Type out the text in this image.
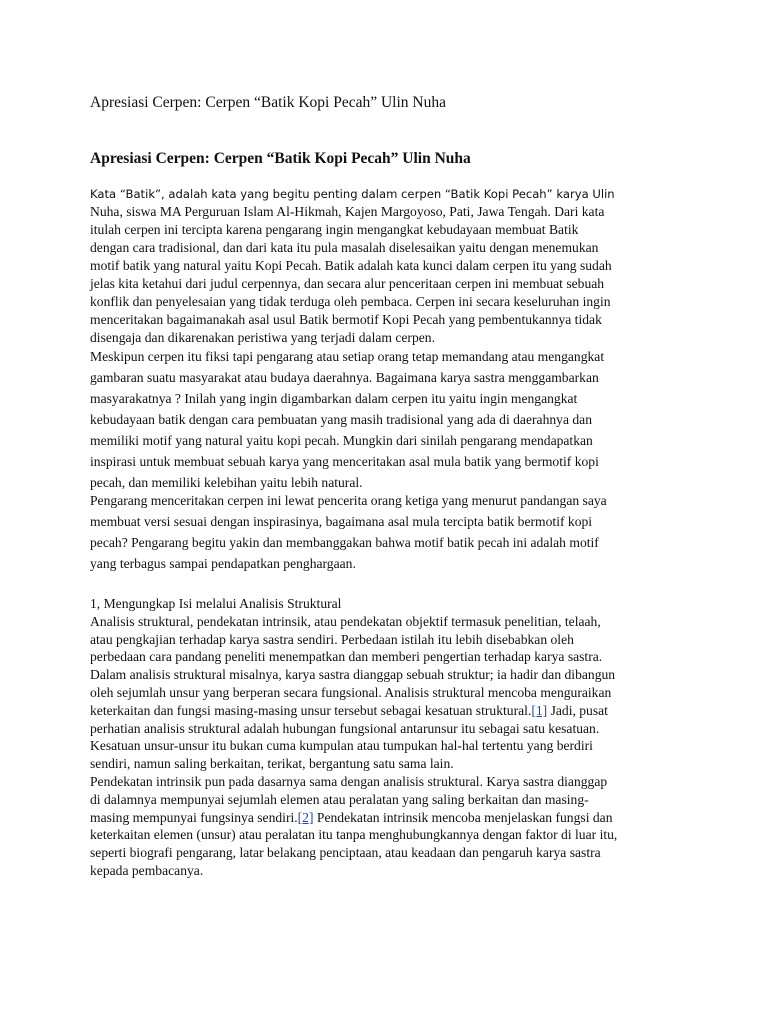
Apresiasi Cerpen: Cerpen “Batik Kopi Pecah” Ulin Nuha
Apresiasi Cerpen: Cerpen “Batik Kopi Pecah” Ulin Nuha
Kata “Batik”, adalah kata yang begitu penting dalam cerpen “Batik Kopi Pecah” karya Ulin
Nuha, siswa MA Perguruan Islam Al-Hikmah, Kajen Margoyoso, Pati, Jawa Tengah. Dari kata
itulah cerpen ini tercipta karena pengarang ingin mengangkat kebudayaan membuat Batik
dengan cara tradisional, dan dari kata itu pula masalah diselesaikan yaitu dengan menemukan
motif batik yang natural yaitu Kopi Pecah. Batik adalah kata kunci dalam cerpen itu yang sudah
jelas kita ketahui dari judul cerpennya, dan secara alur penceritaan cerpen ini membuat sebuah
konflik dan penyelesaian yang tidak terduga oleh pembaca. Cerpen ini secara keseluruhan ingin
menceritakan bagaimanakah asal usul Batik bermotif Kopi Pecah yang pembentukannya tidak
disengaja dan dikarenakan peristiwa yang terjadi dalam cerpen.
Meskipun cerpen itu fiksi tapi pengarang atau setiap orang tetap memandang atau mengangkat
gambaran suatu masyarakat atau budaya daerahnya. Bagaimana karya sastra menggambarkan
masyarakatnya ? Inilah yang ingin digambarkan dalam cerpen itu yaitu ingin mengangkat
kebudayaan batik dengan cara pembuatan yang masih tradisional yang ada di daerahnya dan
memiliki motif yang natural yaitu kopi pecah. Mungkin dari sinilah pengarang mendapatkan
inspirasi untuk membuat sebuah karya yang menceritakan asal mula batik yang bermotif kopi
pecah, dan memiliki kelebihan yaitu lebih natural.
Pengarang menceritakan cerpen ini lewat pencerita orang ketiga yang menurut pandangan saya
membuat versi sesuai dengan inspirasinya, bagaimana asal mula tercipta batik bermotif kopi
pecah? Pengarang begitu yakin dan membanggakan bahwa motif batik pecah ini adalah motif
yang terbagus sampai pendapatkan penghargaan.
1, Mengungkap Isi melalui Analisis Struktural
Analisis struktural, pendekatan intrinsik, atau pendekatan objektif termasuk penelitian, telaah,
atau pengkajian terhadap karya sastra sendiri. Perbedaan istilah itu lebih disebabkan oleh
perbedaan cara pandang peneliti menempatkan dan memberi pengertian terhadap karya sastra.
Dalam analisis struktural misalnya, karya sastra dianggap sebuah struktur; ia hadir dan dibangun
oleh sejumlah unsur yang berperan secara fungsional. Analisis struktural mencoba menguraikan
keterkaitan dan fungsi masing-masing unsur tersebut sebagai kesatuan struktural.[1] Jadi, pusat
perhatian analisis struktural adalah hubungan fungsional antarunsur itu sebagai satu kesatuan.
Kesatuan unsur-unsur itu bukan cuma kumpulan atau tumpukan hal-hal tertentu yang berdiri
sendiri, namun saling berkaitan, terikat, bergantung satu sama lain.
Pendekatan intrinsik pun pada dasarnya sama dengan analisis struktural. Karya sastra dianggap
di dalamnya mempunyai sejumlah elemen atau peralatan yang saling berkaitan dan masing-
masing mempunyai fungsinya sendiri.[2] Pendekatan intrinsik mencoba menjelaskan fungsi dan
keterkaitan elemen (unsur) atau peralatan itu tanpa menghubungkannya dengan faktor di luar itu,
seperti biografi pengarang, latar belakang penciptaan, atau keadaan dan pengaruh karya sastra
kepada pembacanya.
